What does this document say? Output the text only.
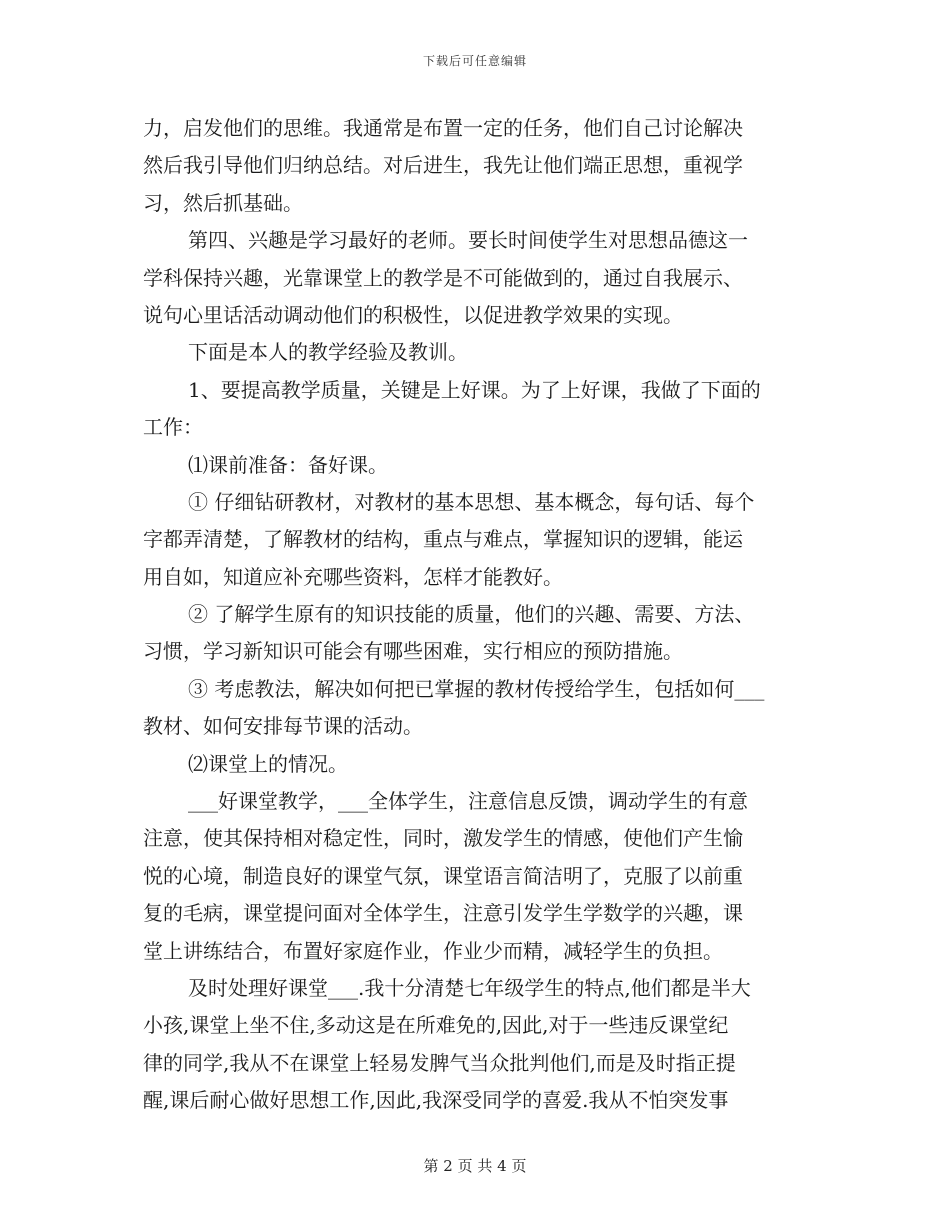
下载后可任意编辑
力，启发他们的思维。我通常是布置一定的任务，他们自己讨论解决
然后我引导他们归纳总结。对后进生，我先让他们端正思想，重视学
习，然后抓基础。
第四、兴趣是学习最好的老师。要长时间使学生对思想品德这一
学科保持兴趣，光靠课堂上的教学是不可能做到的，通过自我展示、
说句心里话活动调动他们的积极性，以促进教学效果的实现。
下面是本人的教学经验及教训。
1、要提高教学质量，关键是上好课。为了上好课，我做了下面的
工作：
⑴课前准备：备好课。
① 仔细钻研教材，对教材的基本思想、基本概念，每句话、每个
字都弄清楚，了解教材的结构，重点与难点，掌握知识的逻辑，能运
用自如，知道应补充哪些资料，怎样才能教好。
② 了解学生原有的知识技能的质量，他们的兴趣、需要、方法、
习惯，学习新知识可能会有哪些困难，实行相应的预防措施。
③ 考虑教法，解决如何把已掌握的教材传授给学生，包括如何___
教材、如何安排每节课的活动。
⑵课堂上的情况。
___好课堂教学，___全体学生，注意信息反馈，调动学生的有意
注意，使其保持相对稳定性，同时，激发学生的情感，使他们产生愉
悦的心境，制造良好的课堂气氛，课堂语言简洁明了，克服了以前重
复的毛病，课堂提问面对全体学生，注意引发学生学数学的兴趣，课
堂上讲练结合，布置好家庭作业，作业少而精，减轻学生的负担。
及时处理好课堂___.我十分清楚七年级学生的特点,他们都是半大
小孩,课堂上坐不住,多动这是在所难免的,因此,对于一些违反课堂纪
律的同学,我从不在课堂上轻易发脾气当众批判他们,而是及时指正提
醒,课后耐心做好思想工作,因此,我深受同学的喜爱.我从不怕突发事
第 2 页 共 4 页
